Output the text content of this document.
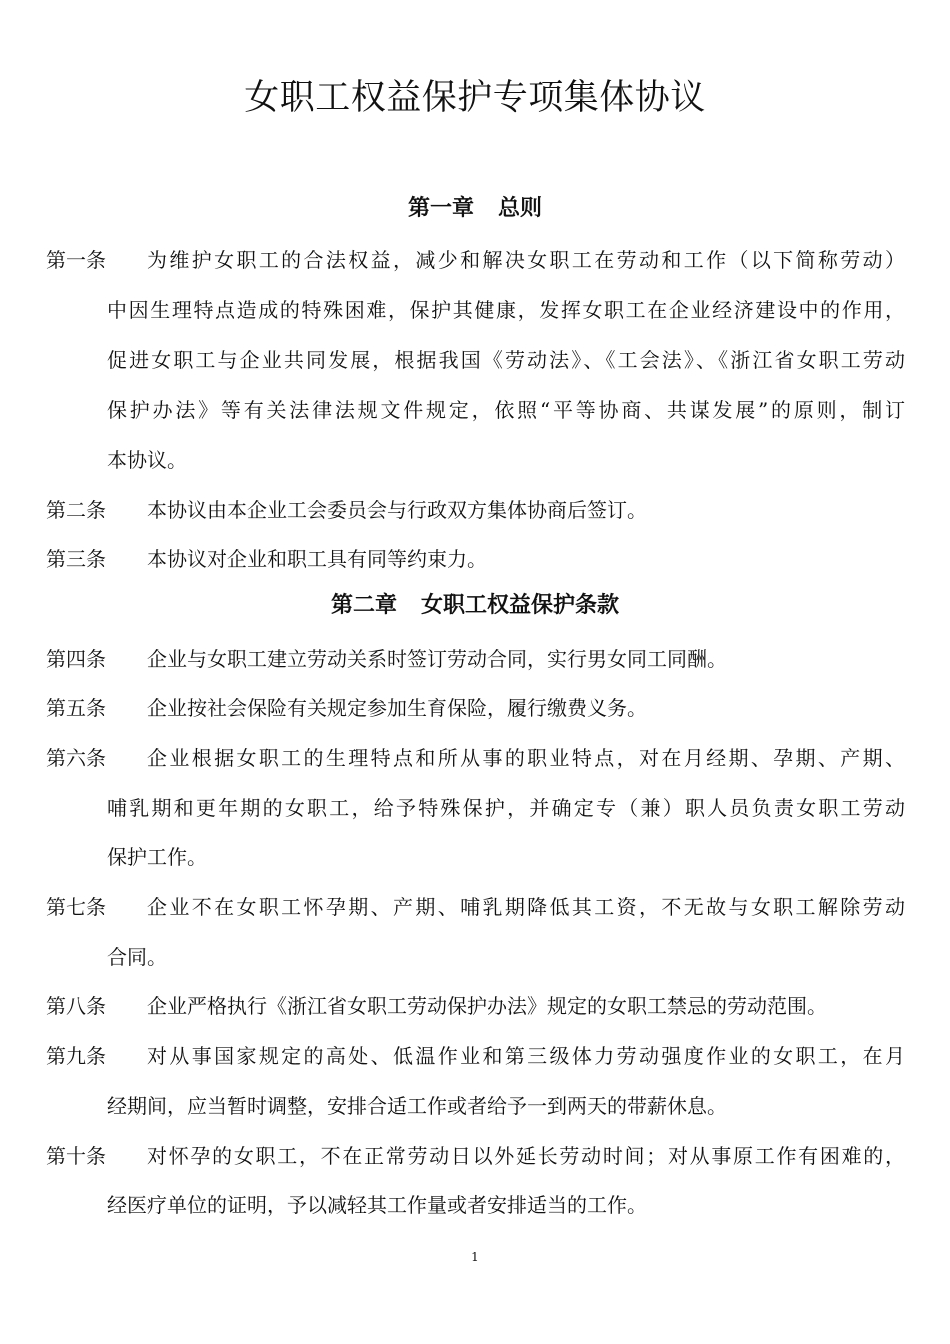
女职工权益保护专项集体协议
第一章 总则
第一条 为维护女职工的合法权益，减少和解决女职工在劳动和工作（以下简称劳动）
中因生理特点造成的特殊困难，保护其健康，发挥女职工在企业经济建设中的作用，
促进女职工与企业共同发展，根据我国《劳动法》、《工会法》、《浙江省女职工劳动
保护办法》等有关法律法规文件规定，依照“平等协商、共谋发展”的原则，制订
本协议。
第二条 本协议由本企业工会委员会与行政双方集体协商后签订。
第三条 本协议对企业和职工具有同等约束力。
第二章 女职工权益保护条款
第四条 企业与女职工建立劳动关系时签订劳动合同，实行男女同工同酬。
第五条 企业按社会保险有关规定参加生育保险，履行缴费义务。
第六条 企业根据女职工的生理特点和所从事的职业特点，对在月经期、孕期、产期、
哺乳期和更年期的女职工，给予特殊保护，并确定专（兼）职人员负责女职工劳动
保护工作。
第七条 企业不在女职工怀孕期、产期、哺乳期降低其工资，不无故与女职工解除劳动
合同。
第八条 企业严格执行《浙江省女职工劳动保护办法》规定的女职工禁忌的劳动范围。
第九条 对从事国家规定的高处、低温作业和第三级体力劳动强度作业的女职工，在月
经期间，应当暂时调整，安排合适工作或者给予一到两天的带薪休息。
第十条 对怀孕的女职工，不在正常劳动日以外延长劳动时间；对从事原工作有困难的，
经医疗单位的证明，予以减轻其工作量或者安排适当的工作。
1
